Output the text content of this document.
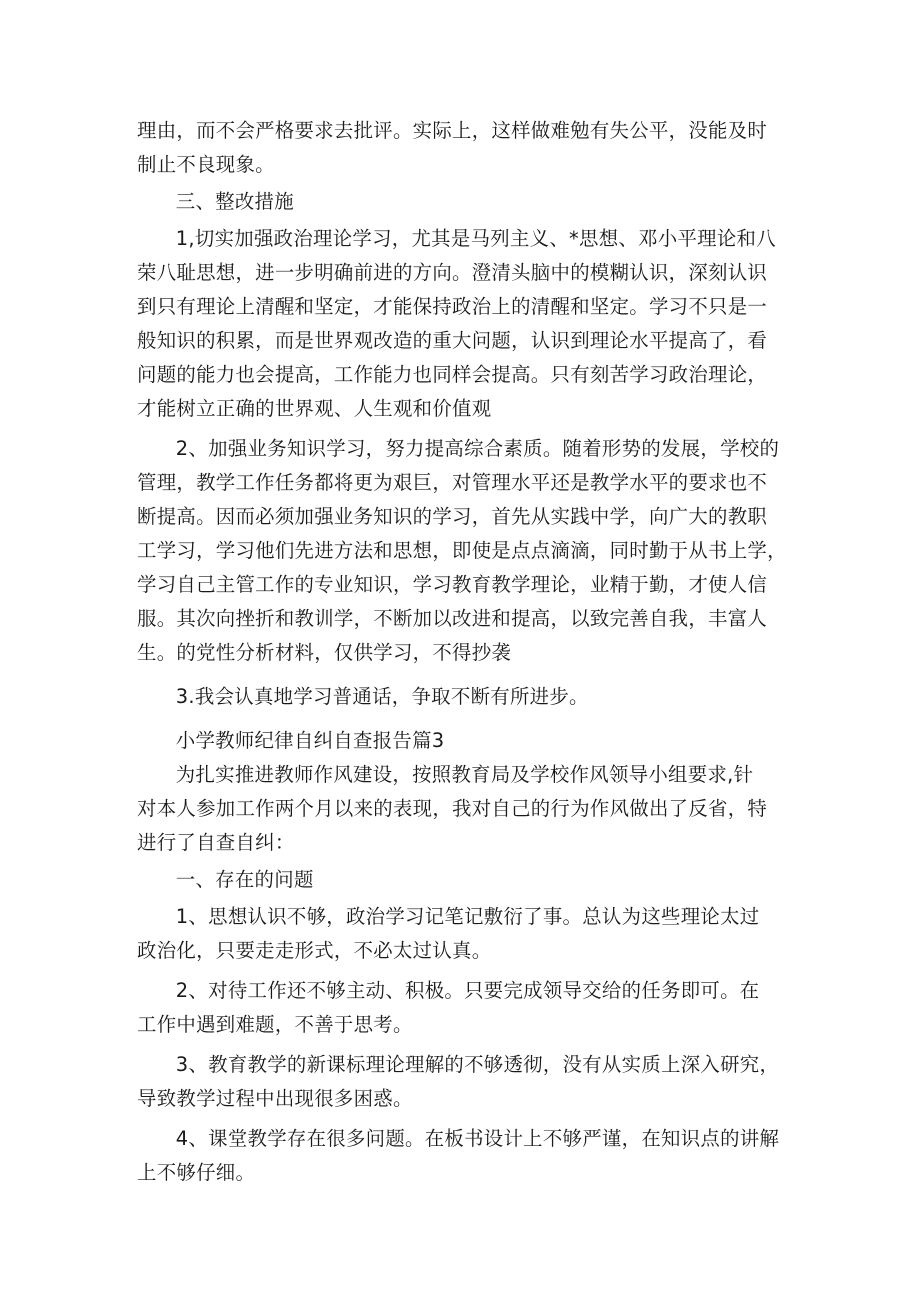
理由，而不会严格要求去批评。实际上，这样做难勉有失公平，没能及时
制止不良现象。

三、整改措施

1,切实加强政治理论学习，尤其是马列主义、*思想、邓小平理论和八
荣八耻思想，进一步明确前进的方向。澄清头脑中的模糊认识，深刻认识
到只有理论上清醒和坚定，才能保持政治上的清醒和坚定。学习不只是一
般知识的积累，而是世界观改造的重大问题，认识到理论水平提高了，看
问题的能力也会提高，工作能力也同样会提高。只有刻苦学习政治理论，
才能树立正确的世界观、人生观和价值观

2、加强业务知识学习，努力提高综合素质。随着形势的发展，学校的
管理，教学工作任务都将更为艰巨，对管理水平还是教学水平的要求也不
断提高。因而必须加强业务知识的学习，首先从实践中学，向广大的教职
工学习，学习他们先进方法和思想，即使是点点滴滴，同时勤于从书上学，
学习自己主管工作的专业知识，学习教育教学理论，业精于勤，才使人信
服。其次向挫折和教训学，不断加以改进和提高，以致完善自我，丰富人
生。的党性分析材料，仅供学习，不得抄袭

3.我会认真地学习普通话，争取不断有所进步。

小学教师纪律自纠自查报告篇3

为扎实推进教师作风建设，按照教育局及学校作风领导小组要求,针
对本人参加工作两个月以来的表现，我对自己的行为作风做出了反省，特
进行了自查自纠：

一、存在的问题

1、思想认识不够，政治学习记笔记敷衍了事。总认为这些理论太过
政治化，只要走走形式，不必太过认真。

2、对待工作还不够主动、积极。只要完成领导交给的任务即可。在
工作中遇到难题，不善于思考。

3、教育教学的新课标理论理解的不够透彻，没有从实质上深入研究，
导致教学过程中出现很多困惑。

4、课堂教学存在很多问题。在板书设计上不够严谨，在知识点的讲解
上不够仔细。
